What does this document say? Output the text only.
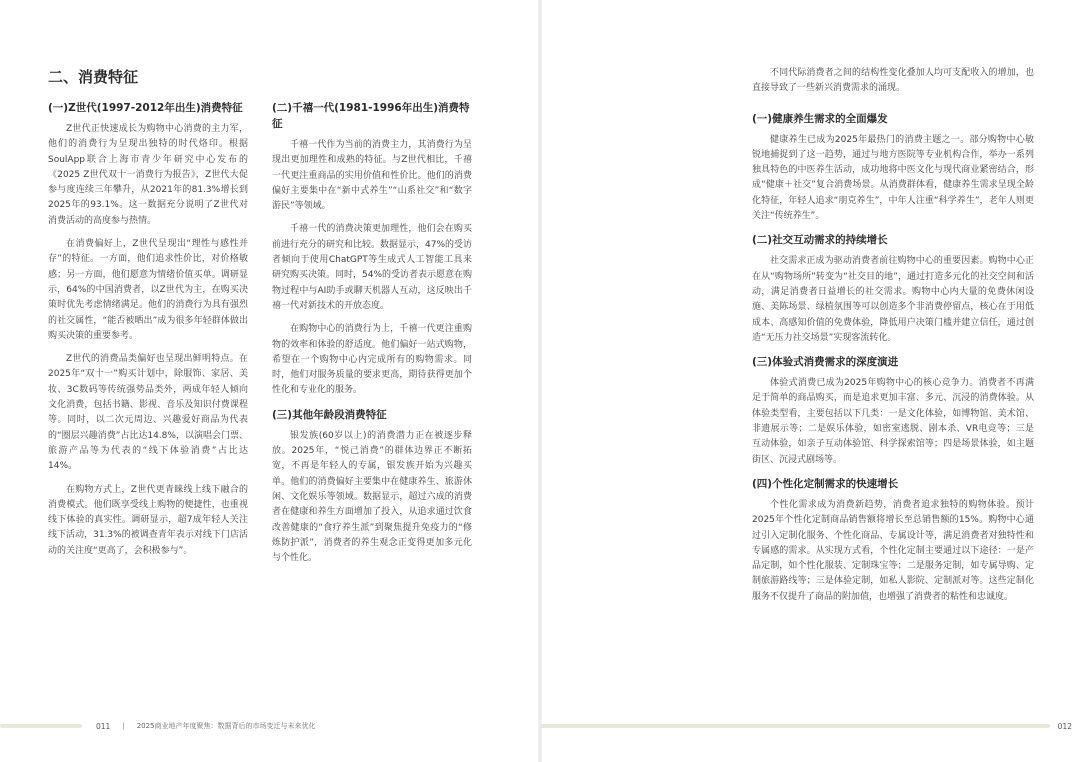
二、消费特征
(一)Z世代(1997-2012年出生)消费特征

Z世代正快速成长为购物中心消费的主力军，他们的消费行为呈现出独特的时代烙印。根据SoulApp联合上海市青少年研究中心发布的《2025 Z世代双十一消费行为报告》，Z世代大促参与度连续三年攀升，从2021年的81.3%增长到2025年的93.1%。这一数据充分说明了Z世代对消费活动的高度参与热情。

在消费偏好上，Z世代呈现出“理性与感性并存”的特征。一方面，他们追求性价比，对价格敏感；另一方面，他们愿意为情绪价值买单。调研显示，64%的中国消费者，以Z世代为主，在购买决策时优先考虑情绪满足。他们的消费行为具有强烈的社交属性，“能否被晒出”成为很多年轻群体做出购买决策的重要参考。

Z世代的消费品类偏好也呈现出鲜明特点。在2025年“双十一”购买计划中，除服饰、家居、美妆、3C数码等传统强势品类外，两成年轻人倾向文化消费，包括书籍、影视、音乐及知识付费课程等。同时，以二次元周边、兴趣爱好商品为代表的“圈层兴趣消费”占比达14.8%，以演唱会门票、旅游产品等为代表的“线下体验消费”占比达14%。

在购物方式上，Z世代更青睐线上线下融合的消费模式。他们既享受线上购物的便捷性，也重视线下体验的真实性。调研显示，超7成年轻人关注线下活动，31.3%的被调查青年表示对线下门店活动的关注度“更高了，会积极参与”。

(二)千禧一代(1981-1996年出生)消费特征

千禧一代作为当前的消费主力，其消费行为呈现出更加理性和成熟的特征。与Z世代相比，千禧一代更注重商品的实用价值和性价比。他们的消费偏好主要集中在“新中式养生”“山系社交”和“数字游民”等领域。

千禧一代的消费决策更加理性，他们会在购买前进行充分的研究和比较。数据显示，47%的受访者倾向于使用ChatGPT等生成式人工智能工具来研究购买决策。同时，54%的受访者表示愿意在购物过程中与AI助手或聊天机器人互动，这反映出千禧一代对新技术的开放态度。

在购物中心的消费行为上，千禧一代更注重购物的效率和体验的舒适度。他们偏好一站式购物，希望在一个购物中心内完成所有的购物需求。同时，他们对服务质量的要求更高，期待获得更加个性化和专业化的服务。

(三)其他年龄段消费特征

银发族(60岁以上)的消费潜力正在被逐步释放。2025年，“悦己消费”的群体边界正不断拓宽，不再是年轻人的专属，银发族开始为兴趣买单。他们的消费偏好主要集中在健康养生、旅游休闲、文化娱乐等领域。数据显示，超过六成的消费者在健康和养生方面增加了投入，从追求通过饮食改善健康的“食疗养生派”到聚焦提升免疫力的“修炼防护派”，消费者的养生观念正变得更加多元化与个性化。

011 | 2025商业地产年度聚焦：数据背后的市场变迁与未来优化

不同代际消费者之间的结构性变化叠加人均可支配收入的增加，也直接导致了一些新兴消费需求的涌现。

(一)健康养生需求的全面爆发

健康养生已成为2025年最热门的消费主题之一。部分购物中心敏锐地捕捉到了这一趋势，通过与地方医院等专业机构合作，举办一系列独具特色的中医养生活动，成功地将中医文化与现代商业紧密结合，形成“健康＋社交”复合消费场景。从消费群体看，健康养生需求呈现全龄化特征，年轻人追求“朋克养生”，中年人注重“科学养生”，老年人则更关注“传统养生”。

(二)社交互动需求的持续增长

社交需求正成为驱动消费者前往购物中心的重要因素。购物中心正在从“购物场所”转变为“社交目的地”，通过打造多元化的社交空间和活动，满足消费者日益增长的社交需求。购物中心内大量的免费休闲设施、美陈场景、绿植氛围等可以创造多个非消费停留点，核心在于用低成本、高感知价值的免费体验，降低用户决策门槛并建立信任，通过创造“无压力社交场景”实现客流转化。

(三)体验式消费需求的深度演进

体验式消费已成为2025年购物中心的核心竞争力。消费者不再满足于简单的商品购买，而是追求更加丰富、多元、沉浸的消费体验。从体验类型看，主要包括以下几类：一是文化体验，如博物馆、美术馆、非遗展示等；二是娱乐体验，如密室逃脱、剧本杀、VR电竞等；三是互动体验，如亲子互动体验馆、科学探索馆等；四是场景体验，如主题街区、沉浸式剧场等。

(四)个性化定制需求的快速增长

个性化需求成为消费新趋势，消费者追求独特的购物体验。预计2025年个性化定制商品销售额将增长至总销售额的15%。购物中心通过引入定制化服务、个性化商品、专属设计等，满足消费者对独特性和专属感的需求。从实现方式看，个性化定制主要通过以下途径：一是产品定制，如个性化服装、定制珠宝等；二是服务定制，如专属导购、定制旅游路线等；三是体验定制，如私人影院、定制派对等。这些定制化服务不仅提升了商品的附加值，也增强了消费者的粘性和忠诚度。

012
